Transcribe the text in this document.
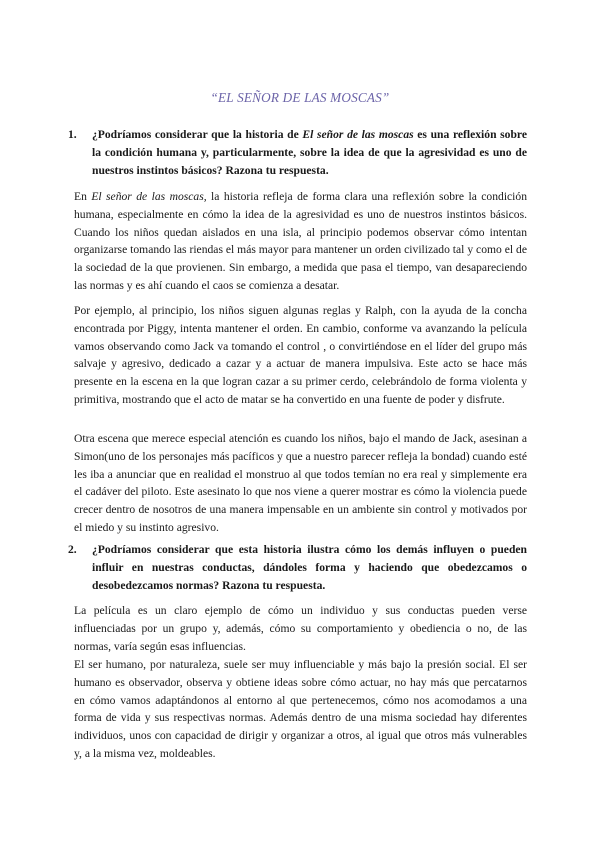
“EL SEÑOR DE LAS MOSCAS”
1. ¿Podríamos considerar que la historia de El señor de las moscas es una reflexión sobre la condición humana y, particularmente, sobre la idea de que la agresividad es uno de nuestros instintos básicos? Razona tu respuesta.

En El señor de las moscas, la historia refleja de forma clara una reflexión sobre la condición humana, especialmente en cómo la idea de la agresividad es uno de nuestros instintos básicos. Cuando los niños quedan aislados en una isla, al principio podemos observar cómo intentan organizarse tomando las riendas el más mayor para mantener un orden civilizado tal y como el de la sociedad de la que provienen. Sin embargo, a medida que pasa el tiempo, van desapareciendo las normas y es ahí cuando el caos se comienza a desatar.

Por ejemplo, al principio, los niños siguen algunas reglas y Ralph, con la ayuda de la concha encontrada por Piggy, intenta mantener el orden. En cambio, conforme va avanzando la película vamos observando como Jack va tomando el control , o convirtiéndose en el líder del grupo más salvaje y agresivo, dedicado a cazar y a actuar de manera impulsiva. Este acto se hace más presente en la escena en la que logran cazar a su primer cerdo, celebrándolo de forma violenta y primitiva, mostrando que el acto de matar se ha convertido en una fuente de poder y disfrute.

Otra escena que merece especial atención es cuando los niños, bajo el mando de Jack, asesinan a Simon(uno de los personajes más pacíficos y que a nuestro parecer refleja la bondad) cuando esté les iba a anunciar que en realidad el monstruo al que todos temían no era real y simplemente era el cadáver del piloto. Este asesinato lo que nos viene a querer mostrar es cómo la violencia puede crecer dentro de nosotros de una manera impensable en un ambiente sin control y motivados por el miedo y su instinto agresivo.

2. ¿Podríamos considerar que esta historia ilustra cómo los demás influyen o pueden influir en nuestras conductas, dándoles forma y haciendo que obedezcamos o desobedezcamos normas? Razona tu respuesta.

La película es un claro ejemplo de cómo un individuo y sus conductas pueden verse influenciadas por un grupo y, además, cómo su comportamiento y obediencia o no, de las normas, varía según esas influencias.

El ser humano, por naturaleza, suele ser muy influenciable y más bajo la presión social. El ser humano es observador, observa y obtiene ideas sobre cómo actuar, no hay más que percatarnos en cómo vamos adaptándonos al entorno al que pertenecemos, cómo nos acomodamos a una forma de vida y sus respectivas normas. Además dentro de una misma sociedad hay diferentes individuos, unos con capacidad de dirigir y organizar a otros, al igual que otros más vulnerables y, a la misma vez, moldeables.
